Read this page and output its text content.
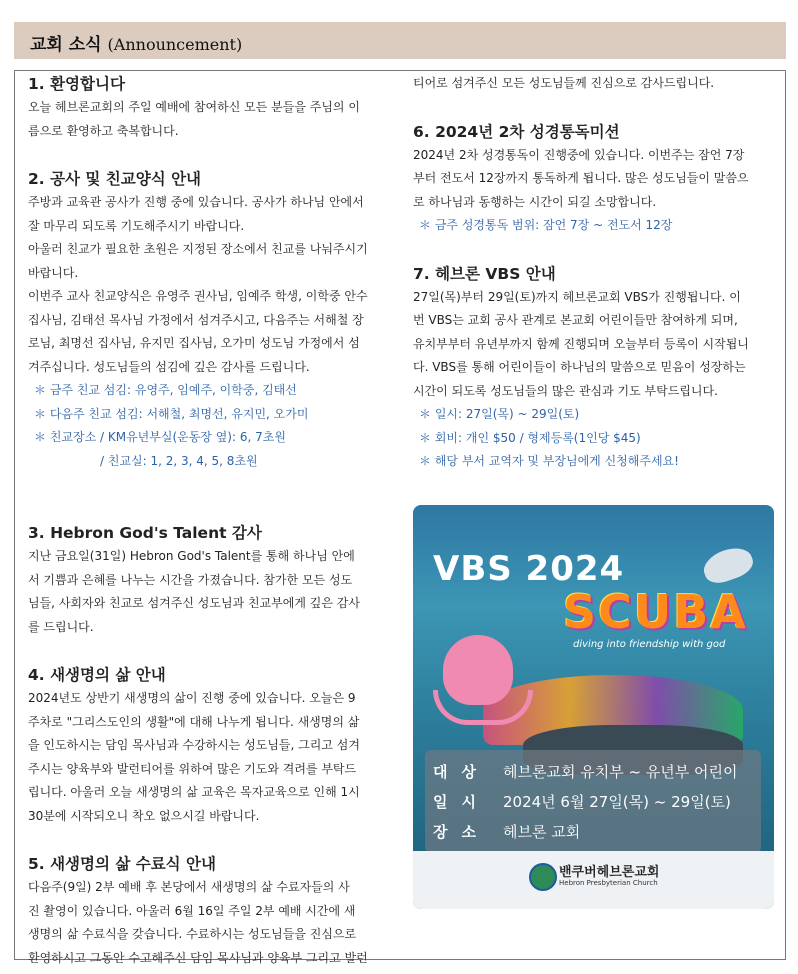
교회 소식 (Announcement)
1. 환영합니다
오늘 헤브론교회의 주일 예배에 참여하신 모든 분들을 주님의 이
름으로 환영하고 축복합니다.
2. 공사 및 친교양식 안내
주방과 교육관 공사가 진행 중에 있습니다. 공사가 하나님 안에서
잘 마무리 되도록 기도해주시기 바랍니다.
아울러 친교가 필요한 초원은 지정된 장소에서 친교를 나눠주시기
바랍니다.
이번주 교사 친교양식은 유영주 권사님, 임예주 학생, 이학중 안수
집사님, 김태선 목사님 가정에서 섬겨주시고, 다음주는 서해철 장
로님, 최명선 집사님, 유지민 집사님, 오가미 성도님 가정에서 섬
겨주십니다. 성도님들의 섬김에 깊은 감사를 드립니다.
＊ 금주 친교 섬김: 유영주, 임예주, 이학중, 김태선
＊ 다음주 친교 섬김: 서해철, 최명선, 유지민, 오가미
＊ 친교장소 / KM유년부실(운동장 옆): 6, 7초원
/ 친교실: 1, 2, 3, 4, 5, 8초원
3. Hebron God's Talent 감사
지난 금요일(31일) Hebron God's Talent를 통해 하나님 안에
서 기쁨과 은혜를 나누는 시간을 가졌습니다. 참가한 모든 성도
님들, 사회자와 친교로 섬겨주신 성도님과 친교부에게 깊은 감사
를 드립니다.
4. 새생명의 삶 안내
2024년도 상반기 새생명의 삶이 진행 중에 있습니다. 오늘은 9
주차로 "그리스도인의 생활"에 대해 나누게 됩니다. 새생명의 삶
을 인도하시는 담임 목사님과 수강하시는 성도님들, 그리고 섬겨
주시는 양육부와 발런티어를 위하여 많은 기도와 격려를 부탁드
립니다. 아울러 오늘 새생명의 삶 교육은 목자교육으로 인해 1시
30분에 시작되오니 착오 없으시길 바랍니다.
5. 새생명의 삶 수료식 안내
다음주(9일) 2부 예배 후 본당에서 새생명의 삶 수료자들의 사
진 촬영이 있습니다. 아울러 6월 16일 주일 2부 예배 시간에 새
생명의 삶 수료식을 갖습니다. 수료하시는 성도님들을 진심으로
환영하시고 그동안 수고해주신 담임 목사님과 양육부 그리고 발런
티어로 섬겨주신 모든 성도님들께 진심으로 감사드립니다.
6. 2024년 2차 성경통독미션
2024년 2차 성경통독이 진행중에 있습니다. 이번주는 잠언 7장
부터 전도서 12장까지 통독하게 됩니다. 많은 성도님들이 말씀으
로 하나님과 동행하는 시간이 되길 소망합니다.
＊ 금주 성경통독 범위: 잠언 7장 ~ 전도서 12장
7. 헤브론 VBS 안내
27일(목)부터 29일(토)까지 헤브론교회 VBS가 진행됩니다. 이
번 VBS는 교회 공사 관계로 본교회 어린이들만 참여하게 되며,
유치부부터 유년부까지 함께 진행되며 오늘부터 등록이 시작됩니
다. VBS를 통해 어린이들이 하나님의 말씀으로 믿음이 성장하는
시간이 되도록 성도님들의 많은 관심과 기도 부탁드립니다.
＊ 일시: 27일(목) ~ 29일(토)
＊ 회비: 개인 $50 / 형제등록(1인당 $45)
＊ 해당 부서 교역자 및 부장님에게 신청해주세요!
VBS 2024
SCUBA
diving into friendship with god
대상 헤브론교회 유치부 ~ 유년부 어린이
일시 2024년 6월 27일(목) ~ 29일(토)
장소 헤브론 교회
밴쿠버헤브론교회
Hebron Presbyterian Church
